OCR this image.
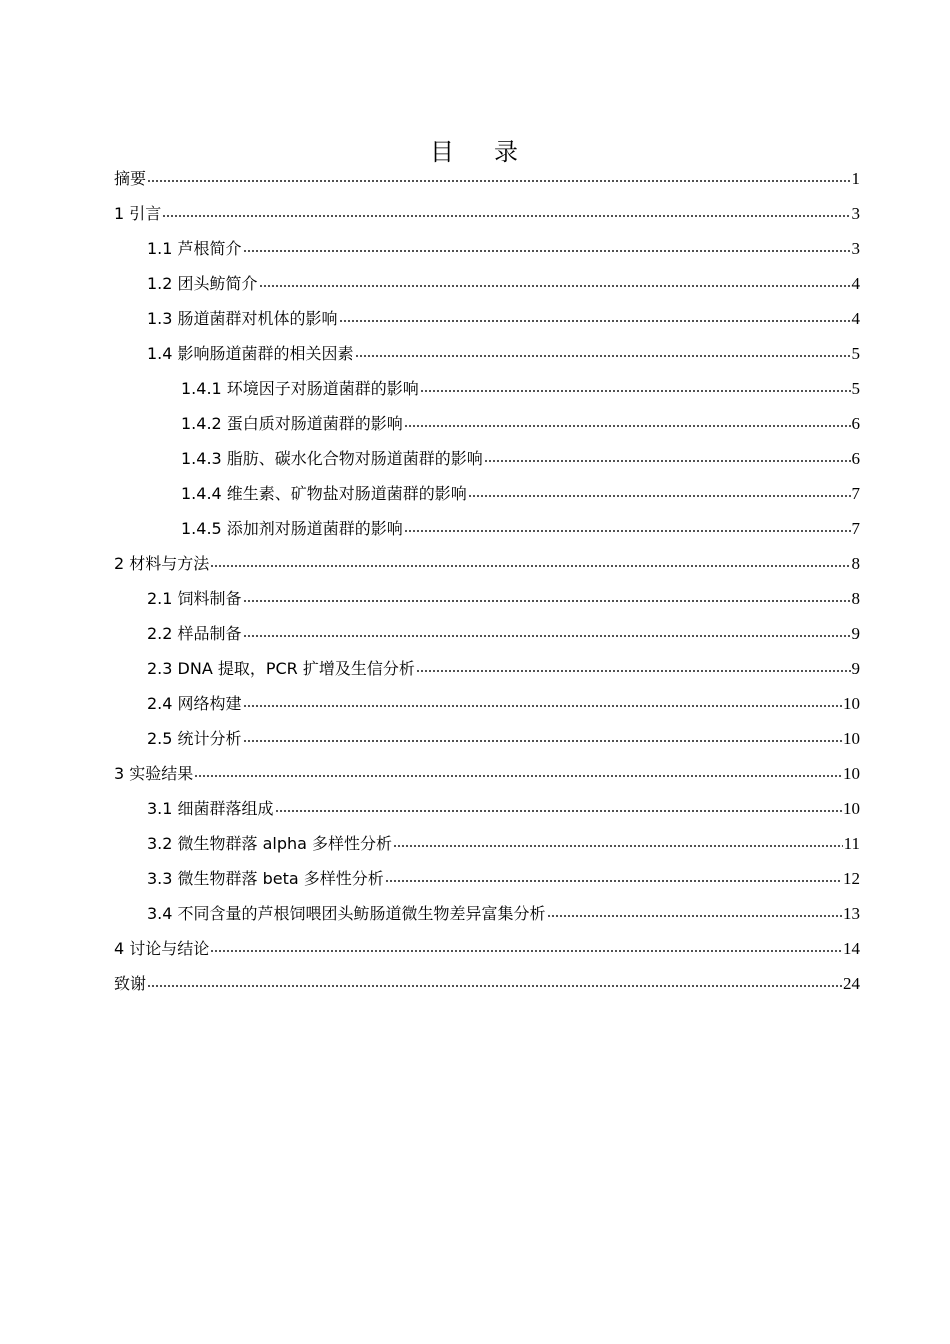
目 录
摘要	1
1 引言	3
1.1 芦根简介	3
1.2 团头鲂简介	4
1.3 肠道菌群对机体的影响	4
1.4 影响肠道菌群的相关因素	5
1.4.1 环境因子对肠道菌群的影响	5
1.4.2 蛋白质对肠道菌群的影响	6
1.4.3 脂肪、碳水化合物对肠道菌群的影响	6
1.4.4 维生素、矿物盐对肠道菌群的影响	7
1.4.5 添加剂对肠道菌群的影响	7
2 材料与方法	8
2.1 饲料制备	8
2.2 样品制备	9
2.3 DNA 提取，PCR 扩增及生信分析	9
2.4 网络构建	10
2.5 统计分析	10
3 实验结果	10
3.1 细菌群落组成	10
3.2 微生物群落 alpha 多样性分析	11
3.3 微生物群落 beta 多样性分析	12
3.4 不同含量的芦根饲喂团头鲂肠道微生物差异富集分析	13
4 讨论与结论	14
致谢	24
